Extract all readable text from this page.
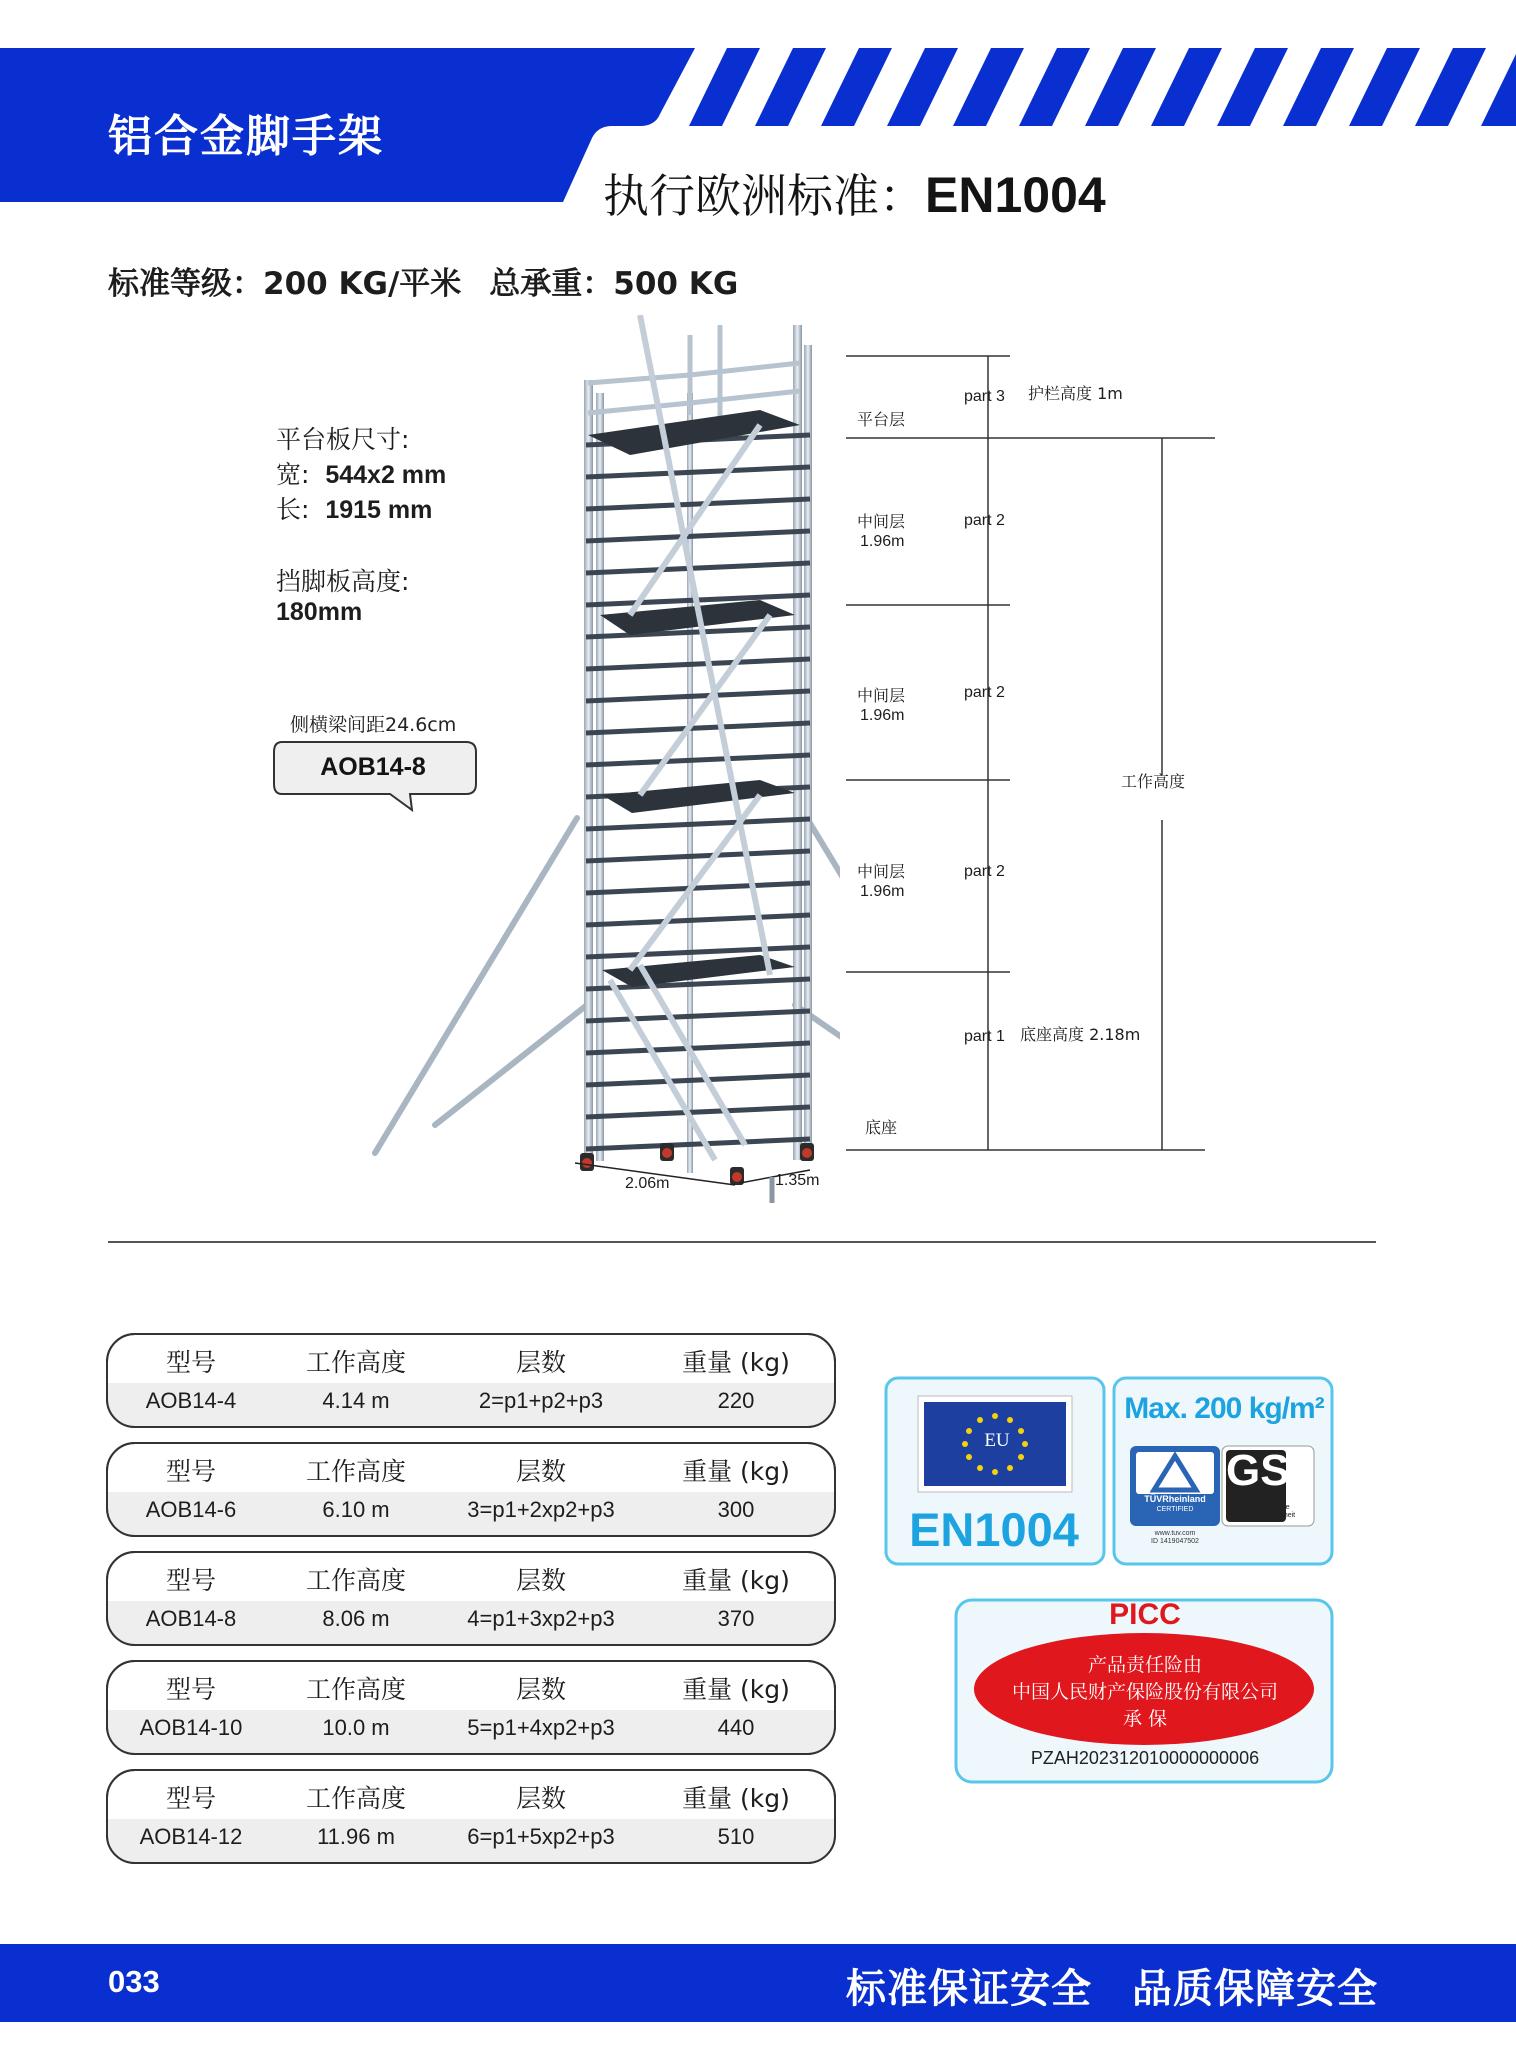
铝合金脚手架
执行欧洲标准：EN1004
标准等级：200 KG/平米 总承重：500 KG
2.06m	1.35m
平台板尺寸:
宽: 544x2 mm
长: 1915 mm
挡脚板高度:
180mm
侧横梁间距24.6cm
AOB14-8
part 3 护栏高度 1m
平台层
中间层
1.96m
part 2
中间层
1.96m
part 2
工作高度
中间层
1.96m
part 2
part 1 底座高度 2.18m
底座
型号	工作高度	层数	重量 (kg)
AOB14-4	4.14 m	2=p1+p2+p3	220
型号	工作高度	层数	重量 (kg)
AOB14-6	6.10 m	3=p1+2xp2+p3	300
型号	工作高度	层数	重量 (kg)
AOB14-8	8.06 m	4=p1+3xp2+p3	370
型号	工作高度	层数	重量 (kg)
AOB14-10	10.0 m	5=p1+4xp2+p3	440
型号	工作高度	层数	重量 (kg)
AOB14-12	11.96 m	6=p1+5xp2+p3	510
EU
EN1004
Max. 200 kg/m²
TÜVRheinland
CERTIFIED
GS
geprüfte Sicherheit
www.tuv.com
ID 1419047502
PICC
产品责任险由
中国人民财产保险股份有限公司
承 保
PZAH202312010000000006
033	标准保证安全 品质保障安全
